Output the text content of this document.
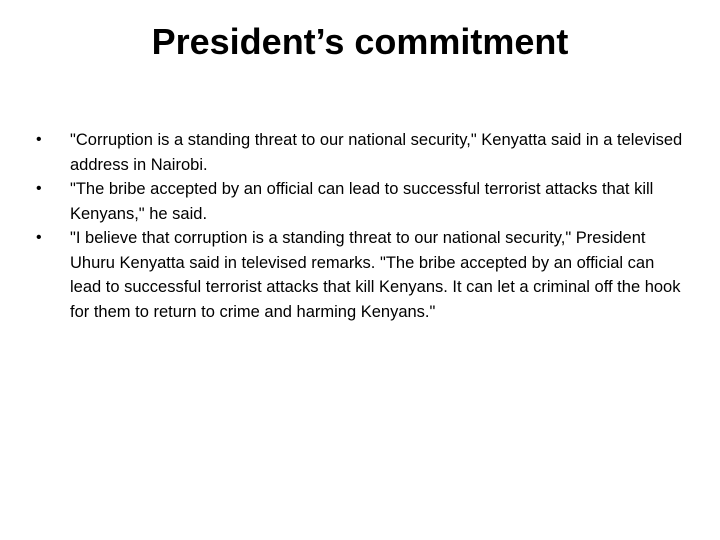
President’s commitment
•	"Corruption is a standing threat to our national security," Kenyatta said in a televised address in Nairobi.
•	"The bribe accepted by an official can lead to successful terrorist attacks that kill Kenyans," he said.
•	"I believe that corruption is a standing threat to our national security," President Uhuru Kenyatta said in televised remarks. "The bribe accepted by an official can lead to successful terrorist attacks that kill Kenyans. It can let a criminal off the hook for them to return to crime and harming Kenyans."
